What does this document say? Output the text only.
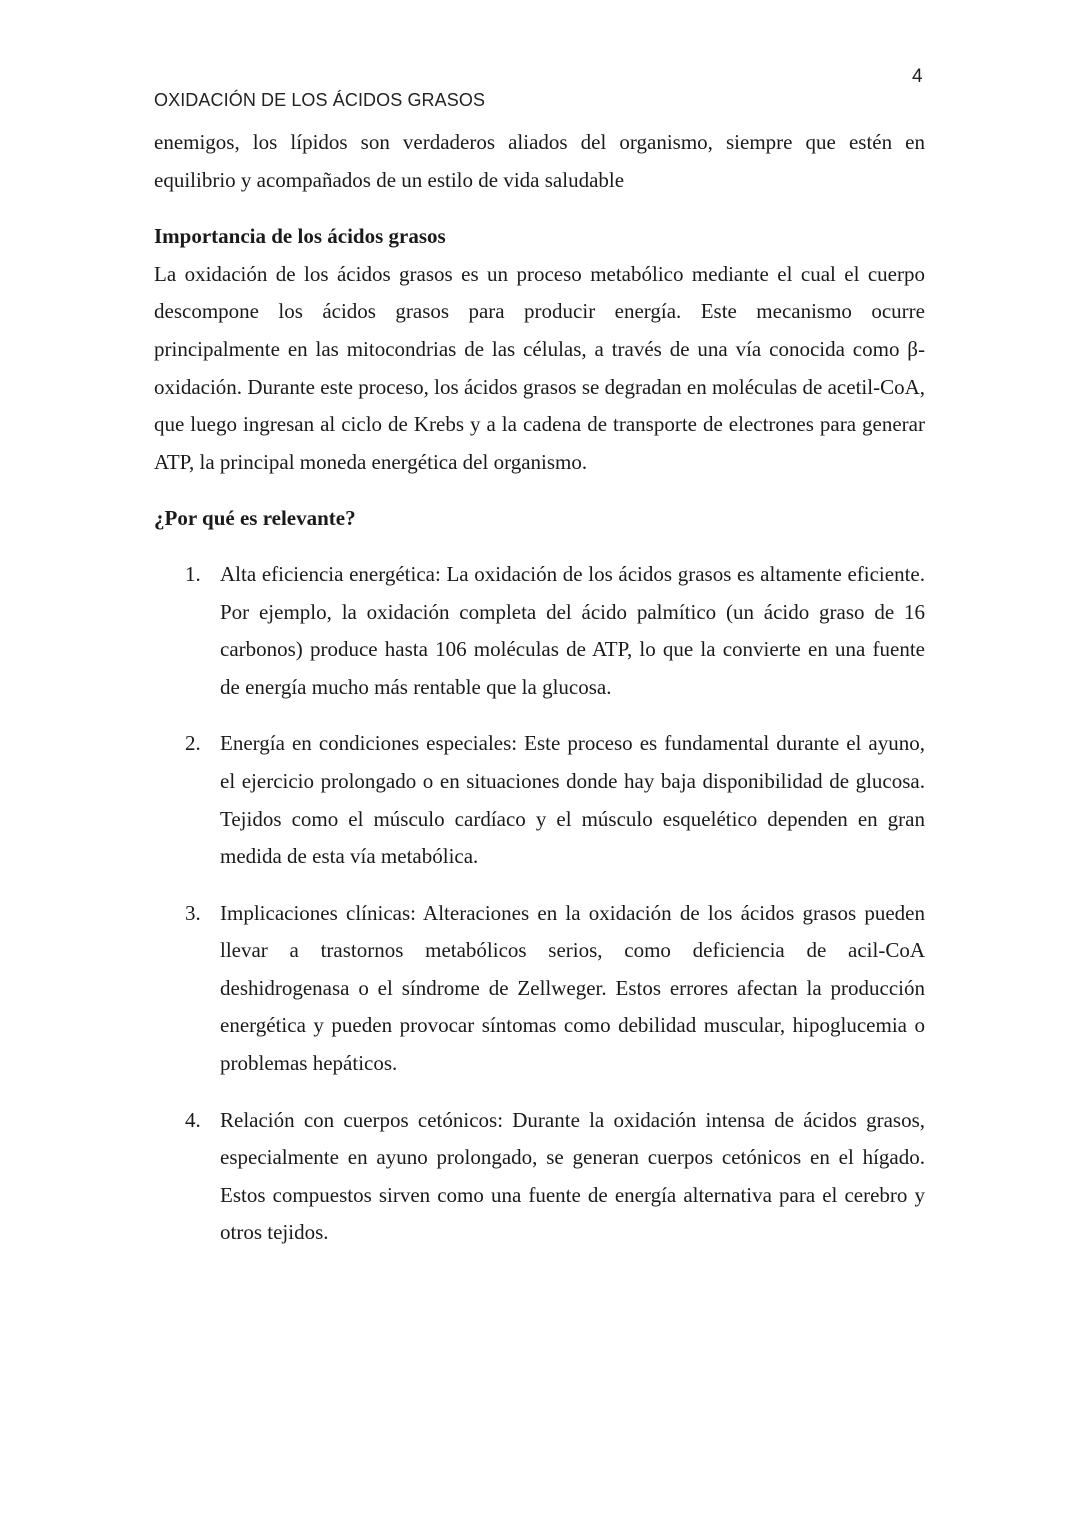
4

OXIDACIÓN DE LOS ÁCIDOS GRASOS

enemigos, los lípidos son verdaderos aliados del organismo, siempre que estén en equilibrio y acompañados de un estilo de vida saludable

Importancia de los ácidos grasos

La oxidación de los ácidos grasos es un proceso metabólico mediante el cual el cuerpo descompone los ácidos grasos para producir energía. Este mecanismo ocurre principalmente en las mitocondrias de las células, a través de una vía conocida como β-oxidación. Durante este proceso, los ácidos grasos se degradan en moléculas de acetil-CoA, que luego ingresan al ciclo de Krebs y a la cadena de transporte de electrones para generar ATP, la principal moneda energética del organismo.

¿Por qué es relevante?
1. Alta eficiencia energética: La oxidación de los ácidos grasos es altamente eficiente. Por ejemplo, la oxidación completa del ácido palmítico (un ácido graso de 16 carbonos) produce hasta 106 moléculas de ATP, lo que la convierte en una fuente de energía mucho más rentable que la glucosa.
2. Energía en condiciones especiales: Este proceso es fundamental durante el ayuno, el ejercicio prolongado o en situaciones donde hay baja disponibilidad de glucosa. Tejidos como el músculo cardíaco y el músculo esquelético dependen en gran medida de esta vía metabólica.
3. Implicaciones clínicas: Alteraciones en la oxidación de los ácidos grasos pueden llevar a trastornos metabólicos serios, como deficiencia de acil-CoA deshidrogenasa o el síndrome de Zellweger. Estos errores afectan la producción energética y pueden provocar síntomas como debilidad muscular, hipoglucemia o problemas hepáticos.
4. Relación con cuerpos cetónicos: Durante la oxidación intensa de ácidos grasos, especialmente en ayuno prolongado, se generan cuerpos cetónicos en el hígado. Estos compuestos sirven como una fuente de energía alternativa para el cerebro y otros tejidos.
